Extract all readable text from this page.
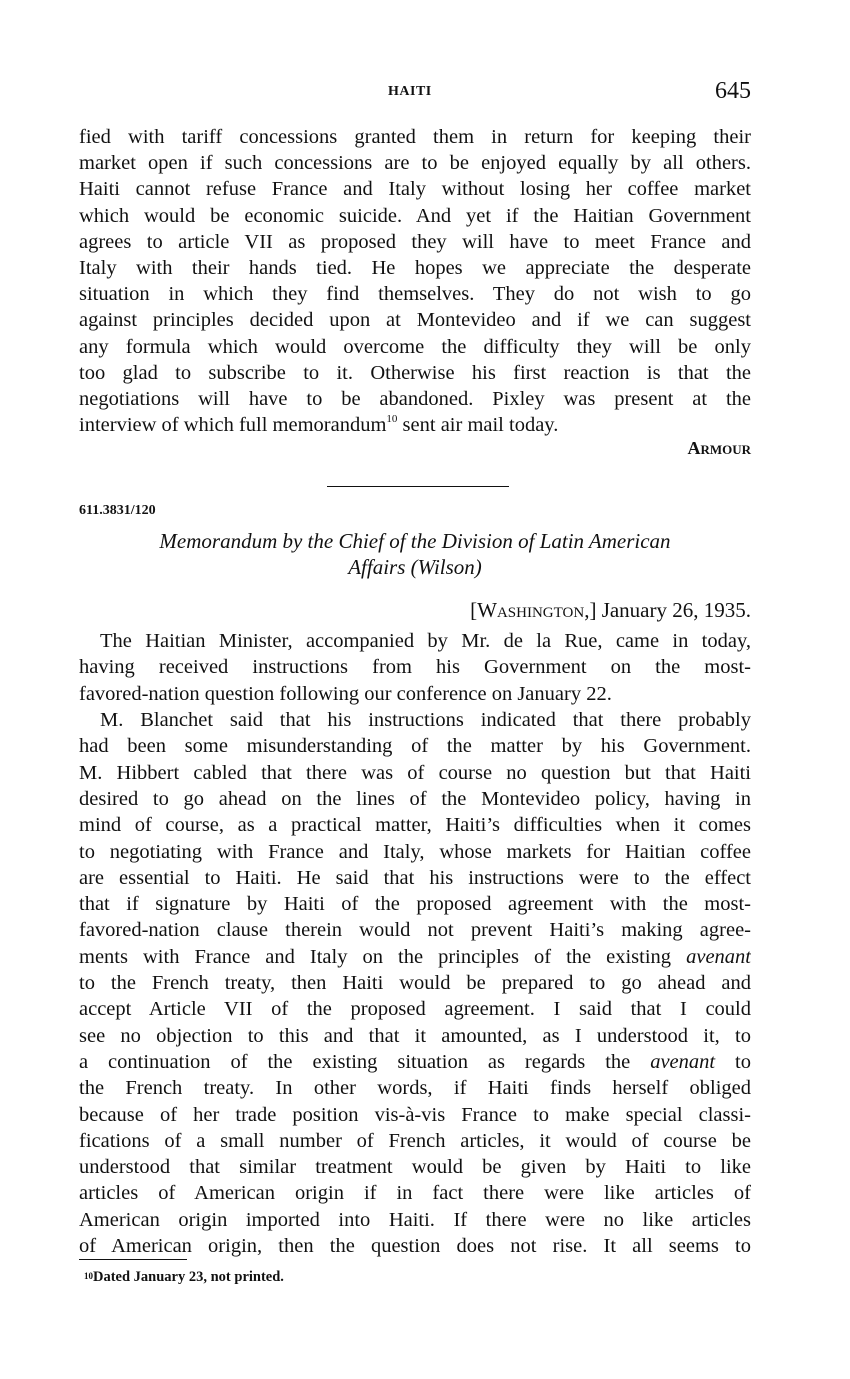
HAITI	645
fied with tariff concessions granted them in return for keeping their
market open if such concessions are to be enjoyed equally by all others.
Haiti cannot refuse France and Italy without losing her coffee market
which would be economic suicide. And yet if the Haitian Government
agrees to article VII as proposed they will have to meet France and
Italy with their hands tied. He hopes we appreciate the desperate
situation in which they find themselves. They do not wish to go
against principles decided upon at Montevideo and if we can suggest
any formula which would overcome the difficulty they will be only
too glad to subscribe to it. Otherwise his first reaction is that the
negotiations will have to be abandoned. Pixley was present at the
interview of which full memorandum$^{10}$ sent air mail today.
Armour
611.3831/120
Memorandum by the Chief of the Division of Latin American
Affairs (Wilson)
[Washington,] January 26, 1935.
The Haitian Minister, accompanied by Mr. de la Rue, came in today,
having received instructions from his Government on the most-
favored-nation question following our conference on January 22.
M. Blanchet said that his instructions indicated that there probably
had been some misunderstanding of the matter by his Government.
M. Hibbert cabled that there was of course no question but that Haiti
desired to go ahead on the lines of the Montevideo policy, having in
mind of course, as a practical matter, Haiti’s difficulties when it comes
to negotiating with France and Italy, whose markets for Haitian coffee
are essential to Haiti. He said that his instructions were to the effect
that if signature by Haiti of the proposed agreement with the most-
favored-nation clause therein would not prevent Haiti’s making agree-
ments with France and Italy on the principles of the existing avenant
to the French treaty, then Haiti would be prepared to go ahead and
accept Article VII of the proposed agreement. I said that I could
see no objection to this and that it amounted, as I understood it, to
a continuation of the existing situation as regards the avenant to
the French treaty. In other words, if Haiti finds herself obliged
because of her trade position vis-à-vis France to make special classi-
fications of a small number of French articles, it would of course be
understood that similar treatment would be given by Haiti to like
articles of American origin if in fact there were like articles of
American origin imported into Haiti. If there were no like articles
of American origin, then the question does not rise. It all seems to
$^{10}$Dated January 23, not printed.
